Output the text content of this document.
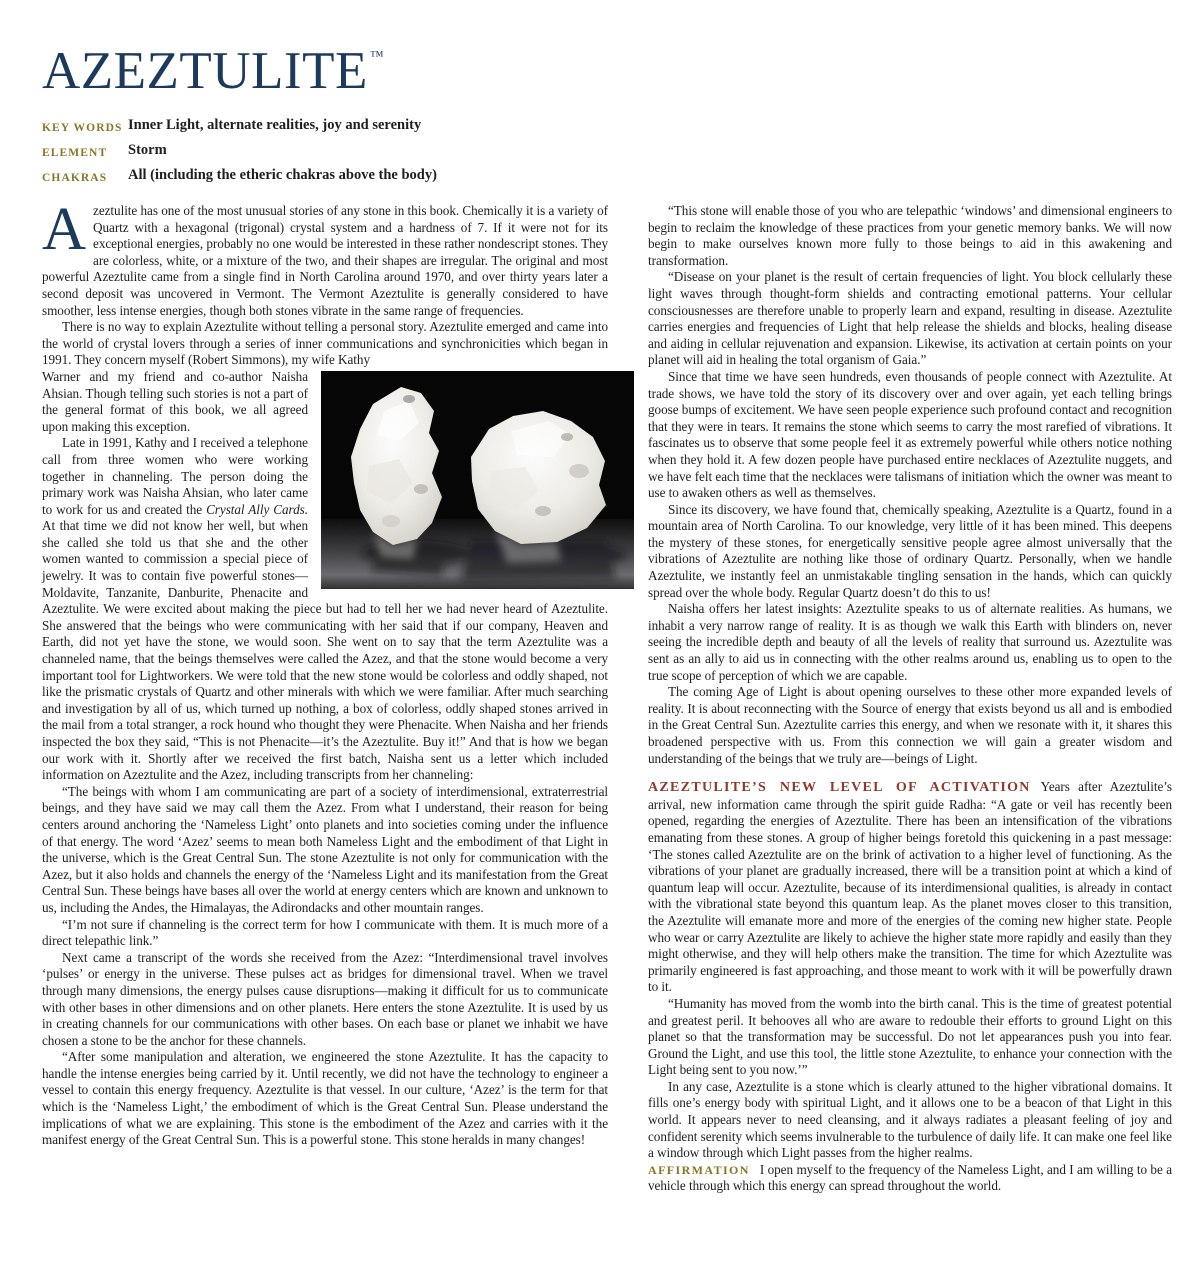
AZEZTULITE ™
KEY WORDS Inner Light, alternate realities, joy and serenity
ELEMENT	Storm
CHAKRAS	All (including the etheric chakras above the body)

Azeztulite has one of the most unusual stories of any stone in this book. Chemically it is a variety of Quartz with a hexagonal (trigonal) crystal system and a hardness of 7. If it were not for its exceptional energies, probably no one would be interested in these rather nondescript stones. They are colorless, white, or a mixture of the two, and their shapes are irregular. The original and most powerful Azeztulite came from a single find in North Carolina around 1970, and over thirty years later a second deposit was uncovered in Vermont. The Vermont Azeztulite is generally considered to have smoother, less intense energies, though both stones vibrate in the same range of frequencies.

There is no way to explain Azeztulite without telling a personal story. Azeztulite emerged and came into the world of crystal lovers through a series of inner communications and synchronicities which began in 1991. They concern myself (Robert Simmons), my wife Kathy

Warner and my friend and co-author Naisha Ahsian. Though telling such stories is not a part of the general format of this book, we all agreed upon making this exception.

Late in 1991, Kathy and I received a telephone call from three women who were working together in channeling. The person doing the primary work was Naisha Ahsian, who later came to work for us and created the Crystal Ally Cards. At that time we did not know her well, but when she called she told us that she and the other women wanted to commission a special piece of jewelry. It was to contain five powerful stones—Moldavite, Tanzanite, Danburite, Phenacite and Azeztulite. We were excited about making the piece but had to tell her we had never heard of Azeztulite. She answered that the beings who were communicating with her said that if our company, Heaven and Earth, did not yet have the stone, we would soon. She went on to say that the term Azeztulite was a channeled name, that the beings themselves were called the Azez, and that the stone would become a very important tool for Lightworkers. We were told that the new stone would be colorless and oddly shaped, not like the prismatic crystals of Quartz and other minerals with which we were familiar. After much searching and investigation by all of us, which turned up nothing, a box of colorless, oddly shaped stones arrived in the mail from a total stranger, a rock hound who thought they were Phenacite. When Naisha and her friends inspected the box they said, “This is not Phenacite—it’s the Azeztulite. Buy it!” And that is how we began our work with it. Shortly after we received the first batch, Naisha sent us a letter which included information on Azeztulite and the Azez, including transcripts from her channeling:

“The beings with whom I am communicating are part of a society of interdimensional, extraterrestrial beings, and they have said we may call them the Azez. From what I understand, their reason for being centers around anchoring the ‘Nameless Light’ onto planets and into societies coming under the influence of that energy. The word ‘Azez’ seems to mean both Nameless Light and the embodiment of that Light in the universe, which is the Great Central Sun. The stone Azeztulite is not only for communication with the Azez, but it also holds and channels the energy of the ‘Nameless Light and its manifestation from the Great Central Sun. These beings have bases all over the world at energy centers which are known and unknown to us, including the Andes, the Himalayas, the Adirondacks and other mountain ranges.

“I’m not sure if channeling is the correct term for how I communicate with them. It is much more of a direct telepathic link.”

Next came a transcript of the words she received from the Azez: “Interdimensional travel involves ‘pulses’ or energy in the universe. These pulses act as bridges for dimensional travel. When we travel through many dimensions, the energy pulses cause disruptions—making it difficult for us to communicate with other bases in other dimensions and on other planets. Here enters the stone Azeztulite. It is used by us in creating channels for our communications with other bases. On each base or planet we inhabit we have chosen a stone to be the anchor for these channels.

“After some manipulation and alteration, we engineered the stone Azeztulite. It has the capacity to handle the intense energies being carried by it. Until recently, we did not have the technology to engineer a vessel to contain this energy frequency. Azeztulite is that vessel. In our culture, ‘Azez’ is the term for that which is the ‘Nameless Light,’ the embodiment of which is the Great Central Sun. Please understand the implications of what we are explaining. This stone is the embodiment of the Azez and carries with it the manifest energy of the Great Central Sun. This is a powerful stone. This stone heralds in many changes!

“This stone will enable those of you who are telepathic ‘windows’ and dimensional engineers to begin to reclaim the knowledge of these practices from your genetic memory banks. We will now begin to make ourselves known more fully to those beings to aid in this awakening and transformation.

“Disease on your planet is the result of certain frequencies of light. You block cellularly these light waves through thought-form shields and contracting emotional patterns. Your cellular consciousnesses are therefore unable to properly learn and expand, resulting in disease. Azeztulite carries energies and frequencies of Light that help release the shields and blocks, healing disease and aiding in cellular rejuvenation and expansion. Likewise, its activation at certain points on your planet will aid in healing the total organism of Gaia.”

Since that time we have seen hundreds, even thousands of people connect with Azeztulite. At trade shows, we have told the story of its discovery over and over again, yet each telling brings goose bumps of excitement. We have seen people experience such profound contact and recognition that they were in tears. It remains the stone which seems to carry the most rarefied of vibrations. It fascinates us to observe that some people feel it as extremely powerful while others notice nothing when they hold it. A few dozen people have purchased entire necklaces of Azeztulite nuggets, and we have felt each time that the necklaces were talismans of initiation which the owner was meant to use to awaken others as well as themselves.

Since its discovery, we have found that, chemically speaking, Azeztulite is a Quartz, found in a mountain area of North Carolina. To our knowledge, very little of it has been mined. This deepens the mystery of these stones, for energetically sensitive people agree almost universally that the vibrations of Azeztulite are nothing like those of ordinary Quartz. Personally, when we handle Azeztulite, we instantly feel an unmistakable tingling sensation in the hands, which can quickly spread over the whole body. Regular Quartz doesn’t do this to us!

Naisha offers her latest insights: Azeztulite speaks to us of alternate realities. As humans, we inhabit a very narrow range of reality. It is as though we walk this Earth with blinders on, never seeing the incredible depth and beauty of all the levels of reality that surround us. Azeztulite was sent as an ally to aid us in connecting with the other realms around us, enabling us to open to the true scope of perception of which we are capable.

The coming Age of Light is about opening ourselves to these other more expanded levels of reality. It is about reconnecting with the Source of energy that exists beyond us all and is embodied in the Great Central Sun. Azeztulite carries this energy, and when we resonate with it, it shares this broadened perspective with us. From this connection we will gain a greater wisdom and understanding of the beings that we truly are—beings of Light.

AZEZTULITE’S NEW LEVEL OF ACTIVATION Years after Azeztulite’s arrival, new information came through the spirit guide Radha: “A gate or veil has recently been opened, regarding the energies of Azeztulite. There has been an intensification of the vibrations emanating from these stones. A group of higher beings foretold this quickening in a past message: ‘The stones called Azeztulite are on the brink of activation to a higher level of functioning. As the vibrations of your planet are gradually increased, there will be a transition point at which a kind of quantum leap will occur. Azeztulite, because of its interdimensional qualities, is already in contact with the vibrational state beyond this quantum leap. As the planet moves closer to this transition, the Azeztulite will emanate more and more of the energies of the coming new higher state. People who wear or carry Azeztulite are likely to achieve the higher state more rapidly and easily than they might otherwise, and they will help others make the transition. The time for which Azeztulite was primarily engineered is fast approaching, and those meant to work with it will be powerfully drawn to it.

“Humanity has moved from the womb into the birth canal. This is the time of greatest potential and greatest peril. It behooves all who are aware to redouble their efforts to ground Light on this planet so that the transformation may be successful. Do not let appearances push you into fear. Ground the Light, and use this tool, the little stone Azeztulite, to enhance your connection with the Light being sent to you now.’”

In any case, Azeztulite is a stone which is clearly attuned to the higher vibrational domains. It fills one’s energy body with spiritual Light, and it allows one to be a beacon of that Light in this world. It appears never to need cleansing, and it always radiates a pleasant feeling of joy and confident serenity which seems invulnerable to the turbulence of daily life. It can make one feel like a window through which Light passes from the higher realms.

AFFIRMATION I open myself to the frequency of the Nameless Light, and I am willing to be a vehicle through which this energy can spread throughout the world.
